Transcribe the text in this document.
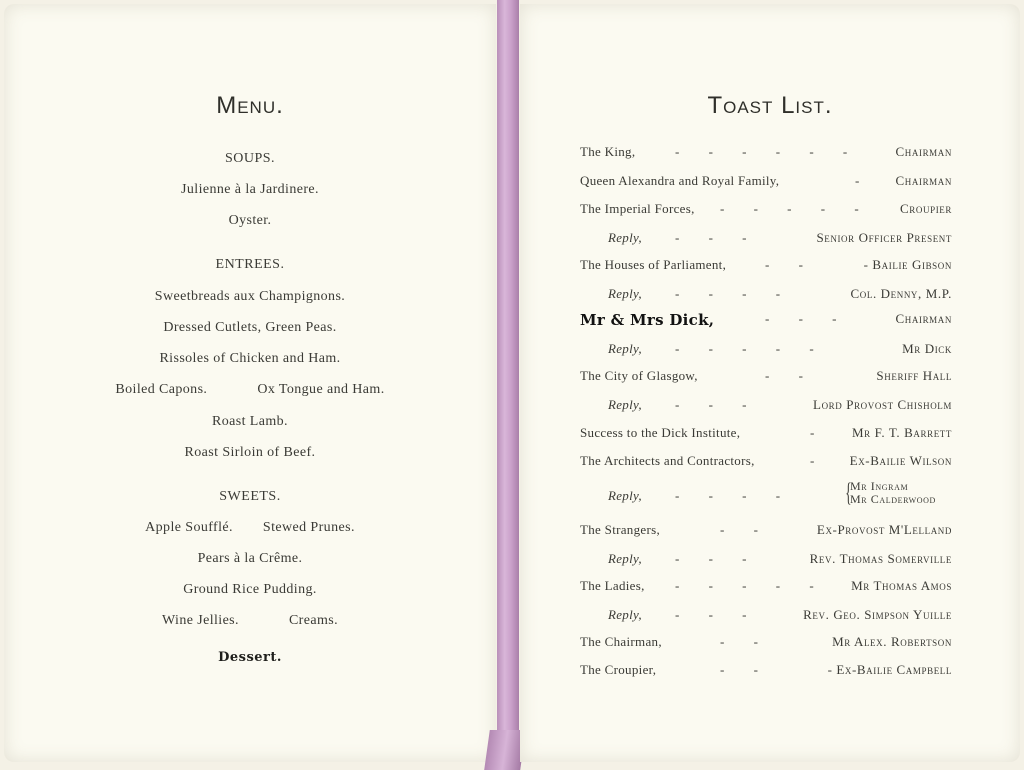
Menu.
SOUPS.
Julienne à la Jardinere.
Oyster.
ENTREES.
Sweetbreads aux Champignons.
Dressed Cutlets, Green Peas.
Rissoles of Chicken and Ham.
Boiled Capons.	Ox Tongue and Ham.
Roast Lamb.
Roast Sirloin of Beef.
SWEETS.
Apple Soufflé. Stewed Prunes.
Pears à la Crême.
Ground Rice Pudding.
Wine Jellies.	Creams.
Dessert.
Toast List.
The King,	-         -         -         -         -         -	Chairman
Queen Alexandra and Royal Family,	-	Chairman
The Imperial Forces, -         -         -         -         -	Croupier
Reply,	-         -         -	Senior Officer Present
The Houses of Parliament,	-         -	- Bailie Gibson
Reply,	-         -         -         -	Col. Denny, M.P.
Mr & Mrs Dick,	-         -         -	Chairman
Reply,	-         -         -         -         -	Mr Dick
The City of Glasgow,	-         -	Sheriff Hall
Reply,	-         -         -	Lord Provost Chisholm
Success to the Dick Institute,	-	Mr F. T. Barrett
The Architects and Contractors,	-	Ex-Bailie Wilson
Reply,	-         -         -         -	{
Mr Ingram
Mr Calderwood
The Strangers,	-         -	Ex-Provost M'Lelland
Reply,	-         -         -	Rev. Thomas Somerville
The Ladies, -         -         -         -         -	Mr Thomas Amos
Reply,	-         -         -	Rev. Geo. Simpson Yuille
The Chairman,	-         -	Mr Alex. Robertson
The Croupier,	-         -	- Ex-Bailie Campbell
